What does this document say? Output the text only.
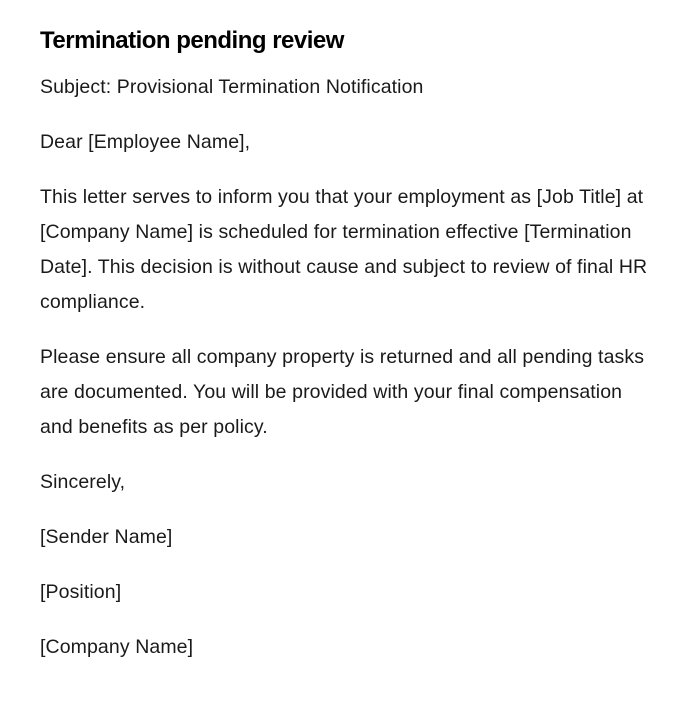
Termination pending review

Subject: Provisional Termination Notification

Dear [Employee Name],

This letter serves to inform you that your employment as [Job Title] at [Company Name] is scheduled for termination effective [Termination Date]. This decision is without cause and subject to review of final HR compliance.

Please ensure all company property is returned and all pending tasks are documented. You will be provided with your final compensation and benefits as per policy.

Sincerely,

[Sender Name]

[Position]

[Company Name]
